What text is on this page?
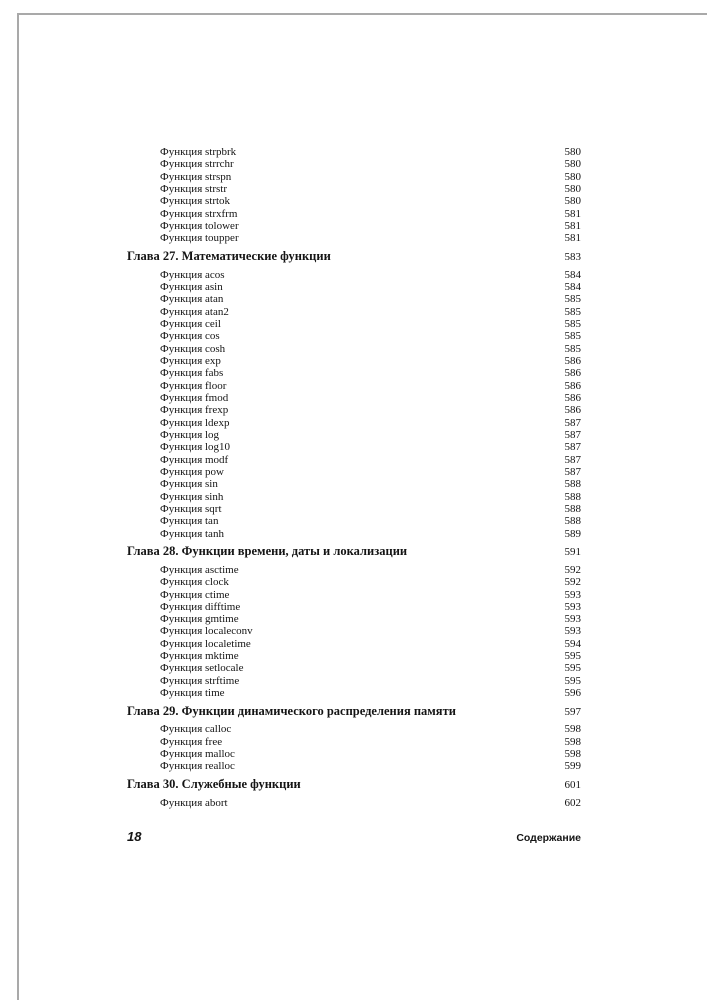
Функция strpbrk	580
Функция strrchr	580
Функция strspn	580
Функция strstr	580
Функция strtok	580
Функция strxfrm	581
Функция tolower	581
Функция toupper	581
Глава 27. Математические функции	583
Функция acos	584
Функция asin	584
Функция atan	585
Функция atan2	585
Функция ceil	585
Функция cos	585
Функция cosh	585
Функция exp	586
Функция fabs	586
Функция floor	586
Функция fmod	586
Функция frexp	586
Функция ldexp	587
Функция log	587
Функция log10	587
Функция modf	587
Функция pow	587
Функция sin	588
Функция sinh	588
Функция sqrt	588
Функция tan	588
Функция tanh	589
Глава 28. Функции времени, даты и локализации	591
Функция asctime	592
Функция clock	592
Функция ctime	593
Функция difftime	593
Функция gmtime	593
Функция localeconv	593
Функция localetime	594
Функция mktime	595
Функция setlocale	595
Функция strftime	595
Функция time	596
Глава 29. Функции динамического распределения памяти	597
Функция calloc	598
Функция free	598
Функция malloc	598
Функция realloc	599
Глава 30. Служебные функции	601
Функция abort	602
18	Содержание
